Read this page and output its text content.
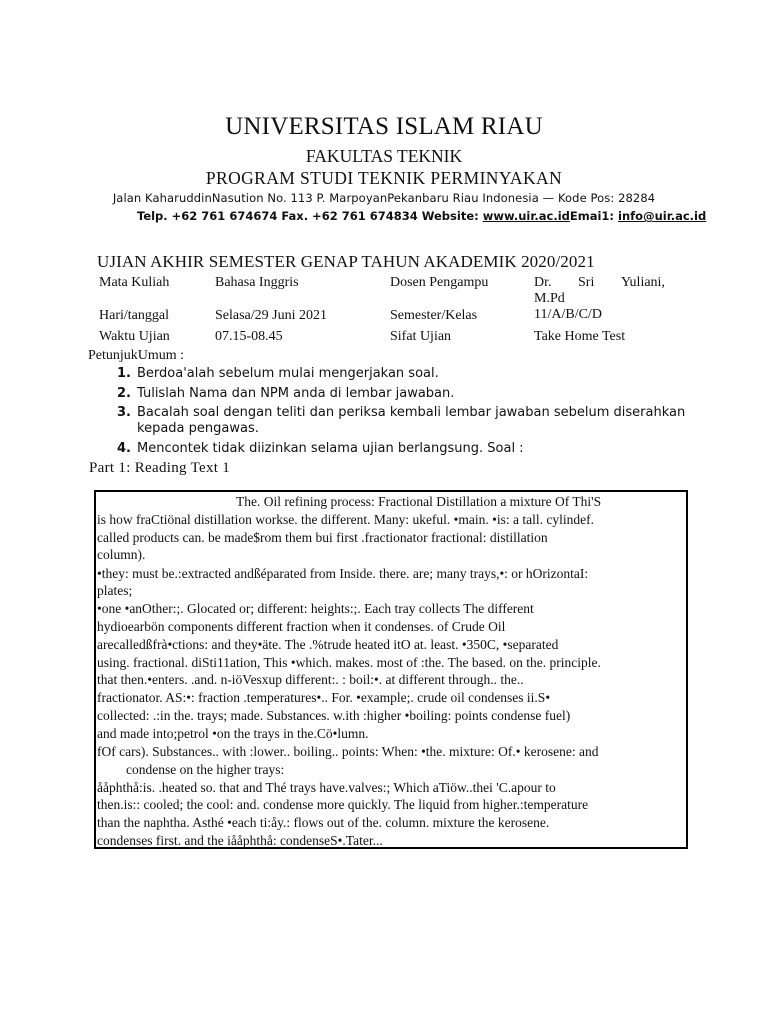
UNIVERSITAS ISLAM RIAU
FAKULTAS TEKNIK
PROGRAM STUDI TEKNIK PERMINYAKAN
Jalan KaharuddinNasution No. 113 P. MarpoyanPekanbaru Riau Indonesia — Kode Pos: 28284
Telp. +62 761 674674 Fax. +62 761 674834 Website: www.uir.ac.idEmai1: info@uir.ac.id
UJIAN AKHIR SEMESTER GENAP TAHUN AKADEMIK 2020/2021
Mata Kuliah	Bahasa Inggris	Dosen Pengampu	Dr. Sri Yuliani,
M.Pd
Hari/tanggal	Selasa/29 Juni 2021	Semester/Kelas	11/A/B/C/D
Waktu Ujian	07.15-08.45	Sifat Ujian	Take Home Test
PetunjukUmum :
1. Berdoa'alah sebelum mulai mengerjakan soal.
2. Tulislah Nama dan NPM anda di lembar jawaban.
3. Bacalah soal dengan teliti dan periksa kembali lembar jawaban sebelum diserahkan
kepada pengawas.
4. Mencontek tidak diizinkan selama ujian berlangsung. Soal :
Part 1: Reading Text 1
The. Oil refining process: Fractional Distillation a mixture Of Thi'S
is how fraCtiönal distillation workse. the different. Many: ukeful. •main. •is: a tall. cylindef.
called products can. be made$rom them bui first .fractionator fractional: distillation
column).
•they: must be.:extracted andßéparated from Inside. there. are; many trays,•: or hOrizontaI:
plates;
•one •anOther:;. Glocated or; different: heights:;. Each tray collects The different
hydioearbön components different fraction when it condenses. of Crude Oil
arecalledßfrà•ctions: and they•äte. The .%trude heated itO at. least. •350C, •separated
using. fractional. diSti11ation, This •which. makes. most of :the. The based. on the. principle.
that then.•enters. .and. n-iöVesxup different:. : boil:•. at different through.. the..
fractionator. AS:•: fraction .temperatures•.. For. •example;. crude oil condenses ii.S•
collected: .:in the. trays; made. Substances. w.ith :higher •boiling: points condense fuel)
and made into;petrol •on the trays in the.Cö•lumn.
fOf cars). Substances.. with :lower.. boiling.. points: When: •the. mixture: Of.• kerosene: and
condense on the higher trays:
ååphthå:is. .heated so. that and Thé trays have.valves:; Which aTiöw..thei 'C.apour to
then.is:: cooled; the cool: and. condense more quickly. The liquid from higher.:temperature
than the naphtha. Asthé •each ti:åy.: flows out of the. column. mixture the kerosene.
condenses first. and the iååphthå: condenseS•.Tater...
